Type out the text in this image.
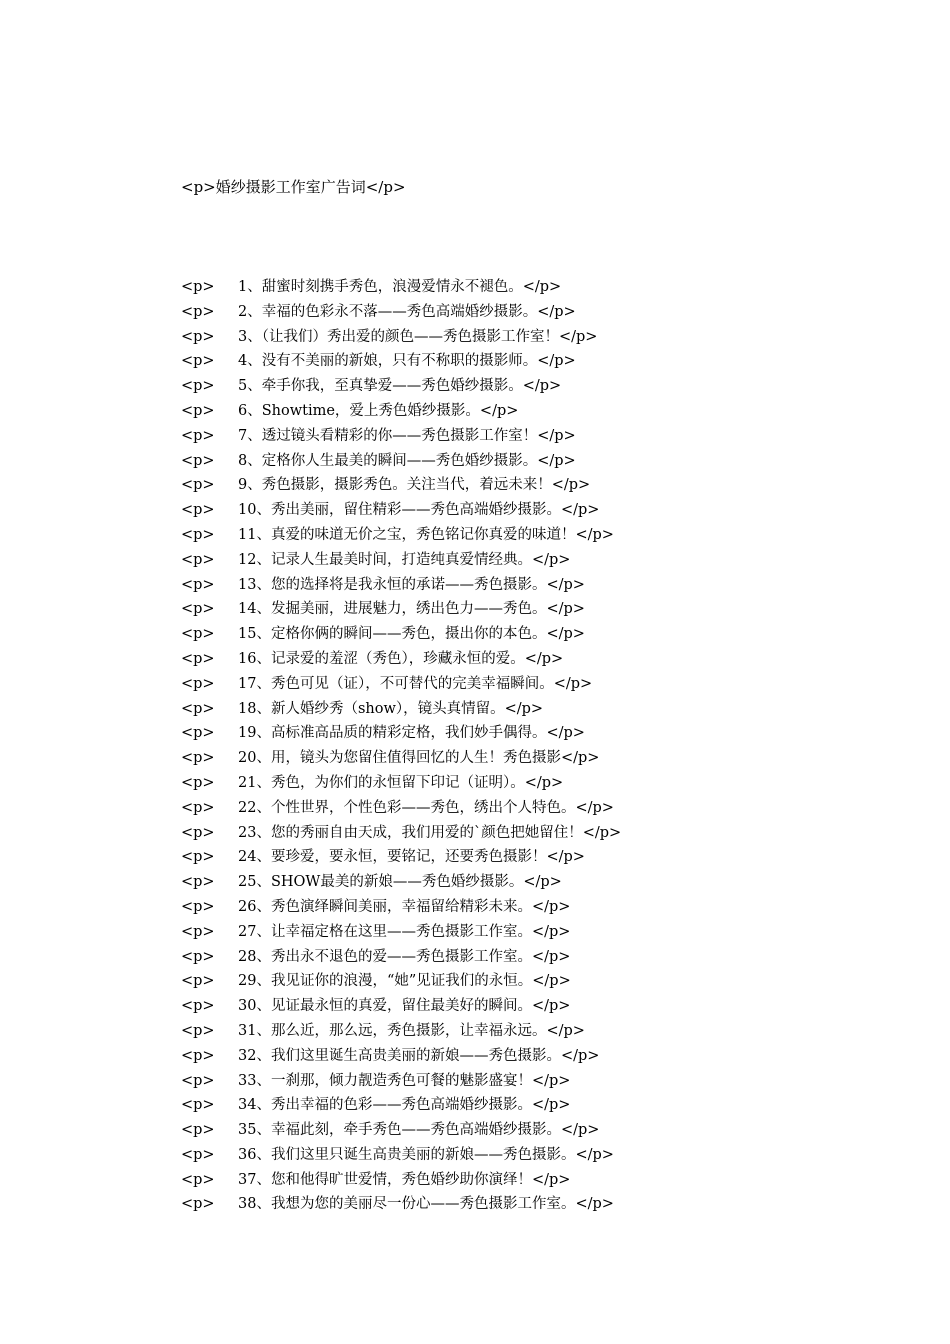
<p>婚纱摄影工作室广告词</p>
<p>	1、甜蜜时刻携手秀色，浪漫爱情永不褪色。</p>
<p>	2、幸福的色彩永不落——秀色高端婚纱摄影。</p>
<p>	3、（让我们）秀出爱的颜色——秀色摄影工作室！</p>
<p>	4、没有不美丽的新娘，只有不称职的摄影师。</p>
<p>	5、牵手你我，至真挚爱——秀色婚纱摄影。</p>
<p>	6、Showtime，爱上秀色婚纱摄影。</p>
<p>	7、透过镜头看精彩的你——秀色摄影工作室！</p>
<p>	8、定格你人生最美的瞬间——秀色婚纱摄影。</p>
<p>	9、秀色摄影，摄影秀色。关注当代，着远未来！</p>
<p>	10、秀出美丽，留住精彩——秀色高端婚纱摄影。</p>
<p>	11、真爱的味道无价之宝，秀色铭记你真爱的味道！</p>
<p>	12、记录人生最美时间，打造纯真爱情经典。</p>
<p>	13、您的选择将是我永恒的承诺——秀色摄影。</p>
<p>	14、发掘美丽，进展魅力，绣出色力——秀色。</p>
<p>	15、定格你俩的瞬间——秀色，摄出你的本色。</p>
<p>	16、记录爱的羞涩（秀色），珍藏永恒的爱。</p>
<p>	17、秀色可见（证），不可替代的完美幸福瞬间。</p>
<p>	18、新人婚纱秀（show），镜头真情留。</p>
<p>	19、高标准高品质的精彩定格，我们妙手偶得。</p>
<p>	20、用，镜头为您留住值得回忆的人生！秀色摄影</p>
<p>	21、秀色，为你们的永恒留下印记（证明）。</p>
<p>	22、个性世界，个性色彩——秀色，绣出个人特色。</p>
<p>	23、您的秀丽自由天成，我们用爱的`颜色把她留住！</p>
<p>	24、要珍爱，要永恒，要铭记，还要秀色摄影！</p>
<p>	25、SHOW最美的新娘——秀色婚纱摄影。</p>
<p>	26、秀色演绎瞬间美丽，幸福留给精彩未来。</p>
<p>	27、让幸福定格在这里——秀色摄影工作室。</p>
<p>	28、秀出永不退色的爱——秀色摄影工作室。</p>
<p>	29、我见证你的浪漫，“她”见证我们的永恒。</p>
<p>	30、见证最永恒的真爱，留住最美好的瞬间。</p>
<p>	31、那么近，那么远，秀色摄影，让幸福永远。</p>
<p>	32、我们这里诞生高贵美丽的新娘——秀色摄影。</p>
<p>	33、一刹那，倾力靓造秀色可餐的魅影盛宴！</p>
<p>	34、秀出幸福的色彩——秀色高端婚纱摄影。</p>
<p>	35、幸福此刻，牵手秀色——秀色高端婚纱摄影。</p>
<p>	36、我们这里只诞生高贵美丽的新娘——秀色摄影。</p>
<p>	37、您和他得旷世爱情，秀色婚纱助你演绎！</p>
<p>	38、我想为您的美丽尽一份心——秀色摄影工作室。</p>
